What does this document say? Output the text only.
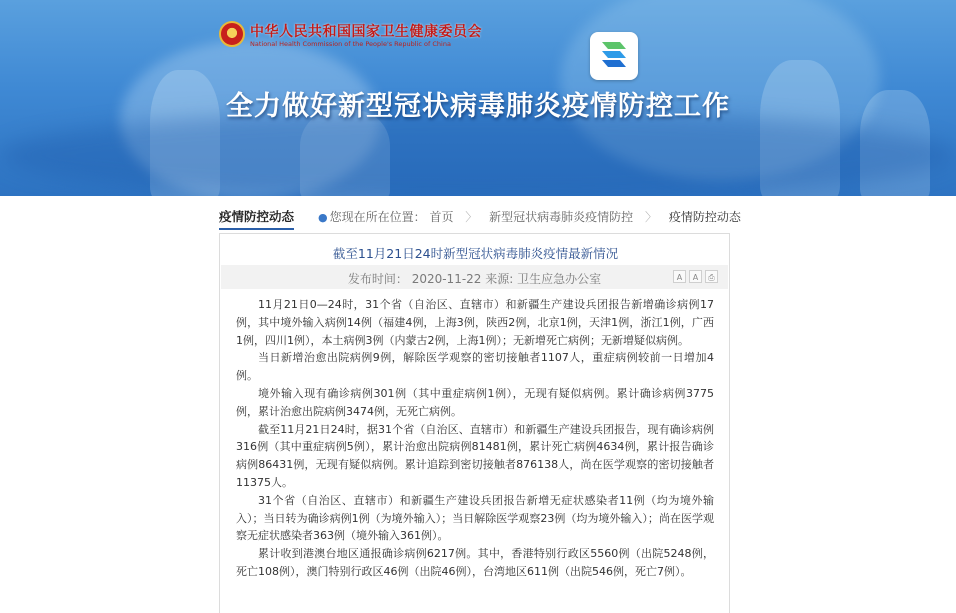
中华人民共和国国家卫生健康委员会
National Health Commission of the People's Republic of China
全力做好新型冠状病毒肺炎疫情防控工作
疫情防控动态 ● 您现在所在位置： 首页 〉 新型冠状病毒肺炎疫情防控 〉 疫情防控动态
截至11月21日24时新型冠状病毒肺炎疫情最新情况
发布时间： 2020-11-22 来源: 卫生应急办公室	A	A	⎙

11月21日0—24时，31个省（自治区、直辖市）和新疆生产建设兵团报告新增确诊病例17例，其中境外输入病例14例（福建4例，上海3例，陕西2例，北京1例，天津1例，浙江1例，广西1例，四川1例），本土病例3例（内蒙古2例，上海1例）；无新增死亡病例；无新增疑似病例。

当日新增治愈出院病例9例，解除医学观察的密切接触者1107人，重症病例较前一日增加4例。

境外输入现有确诊病例301例（其中重症病例1例），无现有疑似病例。累计确诊病例3775例，累计治愈出院病例3474例，无死亡病例。

截至11月21日24时，据31个省（自治区、直辖市）和新疆生产建设兵团报告，现有确诊病例316例（其中重症病例5例），累计治愈出院病例81481例，累计死亡病例4634例，累计报告确诊病例86431例，无现有疑似病例。累计追踪到密切接触者876138人，尚在医学观察的密切接触者11375人。

31个省（自治区、直辖市）和新疆生产建设兵团报告新增无症状感染者11例（均为境外输入）；当日转为确诊病例1例（为境外输入）；当日解除医学观察23例（均为境外输入）；尚在医学观察无症状感染者363例（境外输入361例）。

累计收到港澳台地区通报确诊病例6217例。其中，香港特别行政区5560例（出院5248例，死亡108例），澳门特别行政区46例（出院46例），台湾地区611例（出院546例，死亡7例）。
